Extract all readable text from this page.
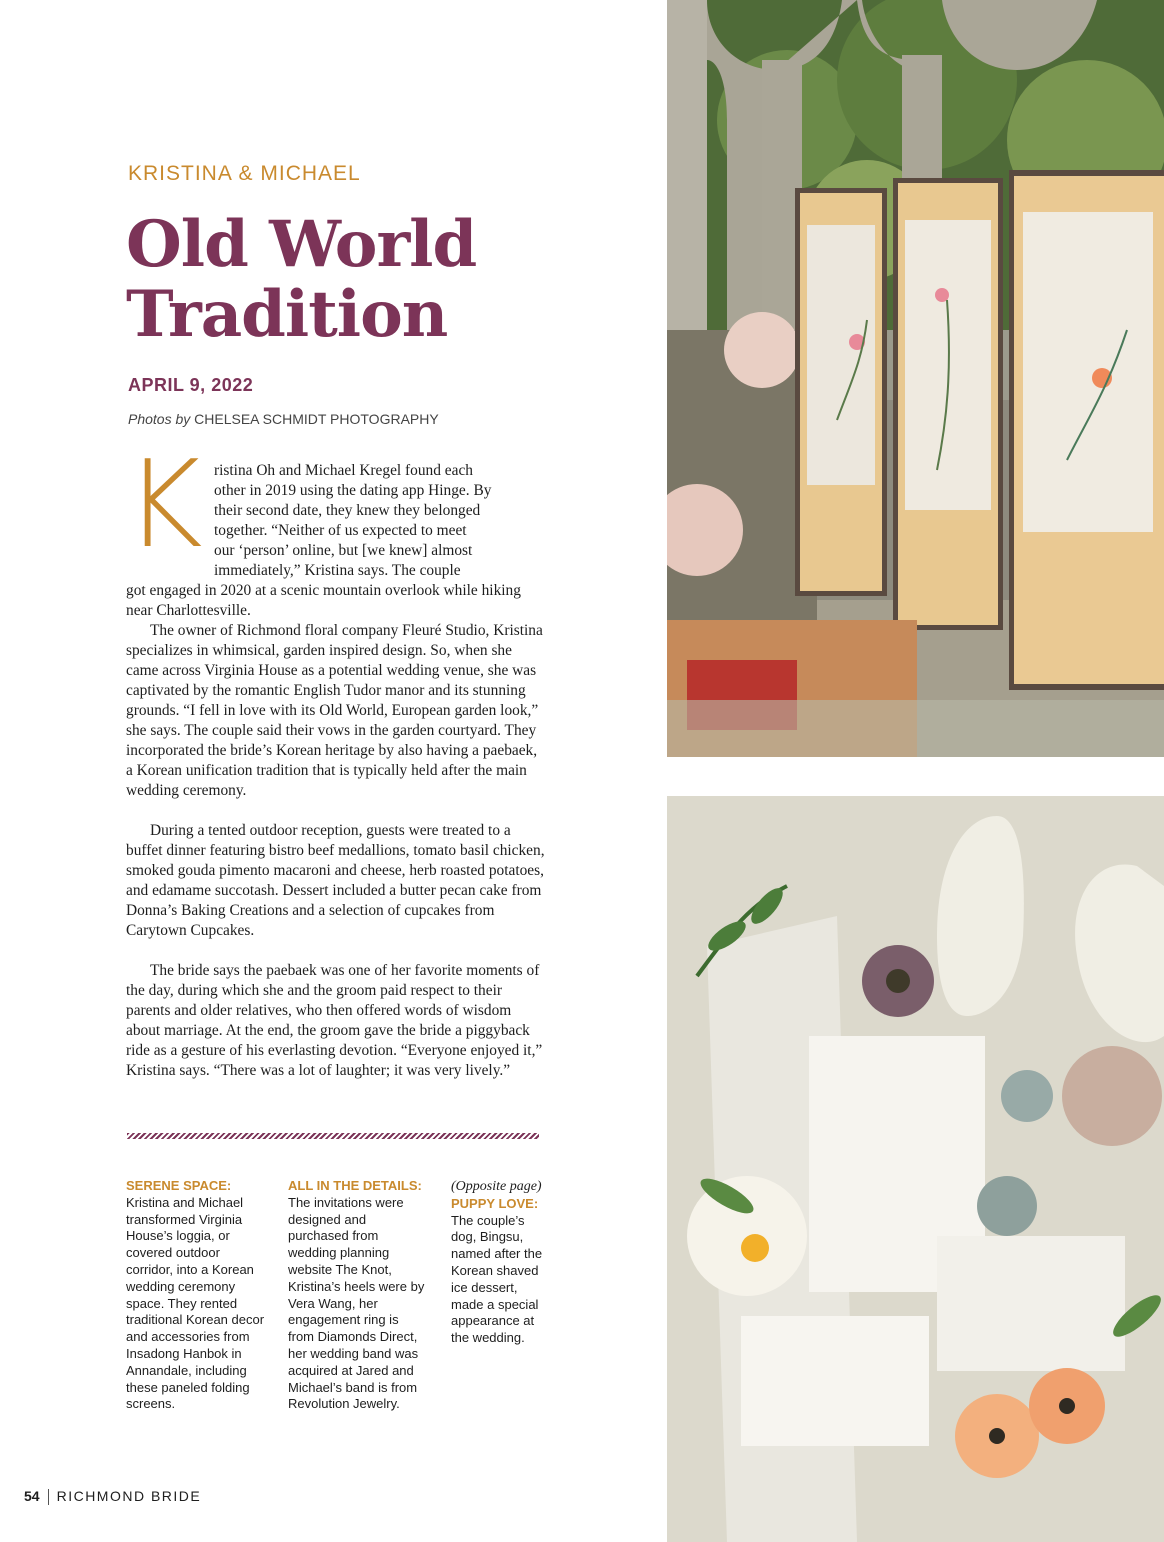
KRISTINA & MICHAEL
Old World
Tradition
APRIL 9, 2022
Photos by CHELSEA SCHMIDT PHOTOGRAPHY
K ristina Oh and Michael Kregel found each
other in 2019 using the dating app Hinge. By
their second date, they knew they belonged
together. “Neither of us expected to meet
our ‘person’ online, but [we knew] almost
immediately,” Kristina says. The couple
got engaged in 2020 at a scenic mountain overlook while hiking near Charlottesville.
The owner of Richmond floral company Fleuré Studio, Kristina specializes in whimsical, garden inspired design. So, when she came across Virginia House as a potential wedding venue, she was captivated by the romantic English Tudor manor and its stunning grounds. “I fell in love with its Old World, European garden look,” she says. The couple said their vows in the garden courtyard. They incorporated the bride’s Korean heritage by also having a paebaek, a Korean unification tradition that is typically held after the main wedding ceremony.
During a tented outdoor reception, guests were treated to a buffet dinner featuring bistro beef medallions, tomato basil chicken, smoked gouda pimento macaroni and cheese, herb roasted potatoes, and edamame succotash. Dessert included a butter pecan cake from Donna’s Baking Creations and a selection of cupcakes from Carytown Cupcakes.
The bride says the paebaek was one of her favorite moments of the day, during which she and the groom paid respect to their parents and older relatives, who then offered words of wisdom about marriage. At the end, the groom gave the bride a piggyback ride as a gesture of his everlasting devotion. “Everyone enjoyed it,” Kristina says. “There was a lot of laughter; it was very lively.”
SERENE SPACE:
Kristina and Michael transformed Virginia House’s loggia, or covered outdoor corridor, into a Korean wedding ceremony space. They rented traditional Korean decor and accessories from Insadong Hanbok in Annandale, including these paneled folding screens.
ALL IN THE DETAILS: The invitations were designed and purchased from wedding planning website The Knot, Kristina’s heels were by Vera Wang, her engagement ring is from Diamonds Direct, her wedding band was acquired at Jared and Michael’s band is from Revolution Jewelry.
(Opposite page)
PUPPY LOVE:
The couple’s dog, Bingsu, named after the Korean shaved ice dessert, made a special appearance at the wedding.
54 RICHMOND BRIDE
